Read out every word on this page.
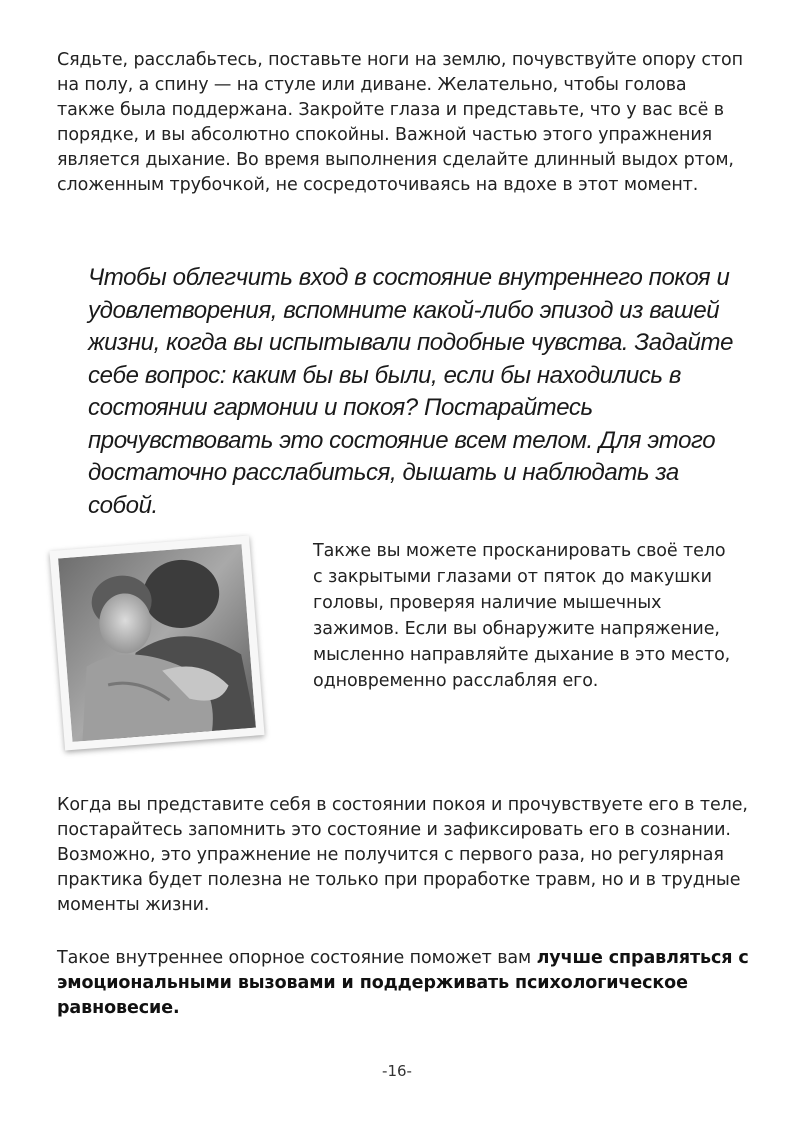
Сядьте, расслабьтесь, поставьте ноги на землю, почувствуйте опору стоп на полу, а спину — на стуле или диване. Желательно, чтобы голова также была поддержана. Закройте глаза и представьте, что у вас всё в порядке, и вы абсолютно спокойны. Важной частью этого упражнения является дыхание. Во время выполнения сделайте длинный выдох ртом, сложенным трубочкой, не сосредоточиваясь на вдохе в этот момент.

Чтобы облегчить вход в состояние внутреннего покоя и удовлетворения, вспомните какой-либо эпизод из вашей жизни, когда вы испытывали подобные чувства. Задайте себе вопрос: каким бы вы были, если бы находились в состоянии гармонии и покоя? Постарайтесь прочувствовать это состояние всем телом. Для этого достаточно расслабиться, дышать и наблюдать за собой.

Также вы можете просканировать своё тело с закрытыми глазами от пяток до макушки головы, проверяя наличие мышечных зажимов. Если вы обнаружите напряжение, мысленно направляйте дыхание в это место, одновременно расслабляя его.

Когда вы представите себя в состоянии покоя и прочувствуете его в теле, постарайтесь запомнить это состояние и зафиксировать его в сознании. Возможно, это упражнение не получится с первого раза, но регулярная практика будет полезна не только при проработке травм, но и в трудные моменты жизни.

Такое внутреннее опорное состояние поможет вам лучше справляться с эмоциональными вызовами и поддерживать психологическое равновесие.

-16-
